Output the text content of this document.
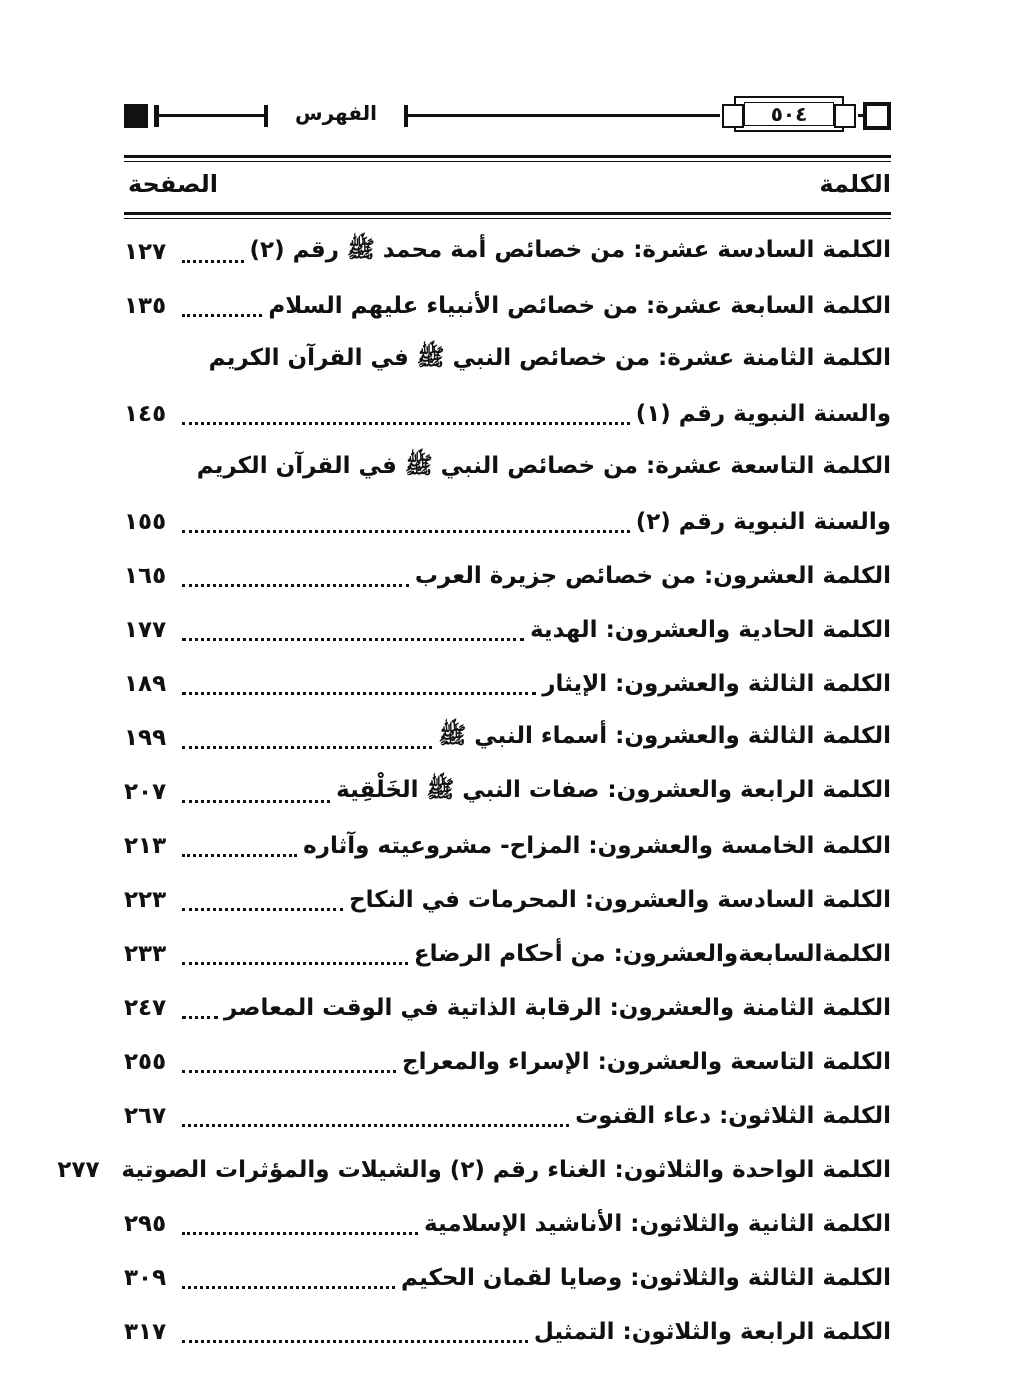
الفهرس	٥٠٤
الكلمة
الصفحة
الكلمة السادسة عشرة: من خصائص أمة محمد ﷺ رقم (٢)
١٢٧
الكلمة السابعة عشرة: من خصائص الأنبياء عليهم السلام
١٣٥
الكلمة الثامنة عشرة: من خصائص النبي ﷺ في القرآن الكريم
والسنة النبوية رقم (١)
١٤٥
الكلمة التاسعة عشرة: من خصائص النبي ﷺ في القرآن الكريم
والسنة النبوية رقم (٢)
١٥٥
الكلمة العشرون: من خصائص جزيرة العرب
١٦٥
الكلمة الحادية والعشرون: الهدية
١٧٧
الكلمة الثالثة والعشرون: الإيثار
١٨٩
الكلمة الثالثة والعشرون: أسماء النبي ﷺ
١٩٩
الكلمة الرابعة والعشرون: صفات النبي ﷺ الخَلْقِية
٢٠٧
الكلمة الخامسة والعشرون: المزاح- مشروعيته وآثاره
٢١٣
الكلمة السادسة والعشرون: المحرمات في النكاح
٢٢٣
الكلمةالسابعةوالعشرون: من أحكام الرضاع
٢٣٣
الكلمة الثامنة والعشرون: الرقابة الذاتية في الوقت المعاصر
٢٤٧
الكلمة التاسعة والعشرون: الإسراء والمعراج
٢٥٥
الكلمة الثلاثون: دعاء القنوت
٢٦٧
الكلمة الواحدة والثلاثون: الغناء رقم (٢) والشيلات والمؤثرات الصوتية
٢٧٧
الكلمة الثانية والثلاثون: الأناشيد الإسلامية
٢٩٥
الكلمة الثالثة والثلاثون: وصايا لقمان الحكيم
٣٠٩
الكلمة الرابعة والثلاثون: التمثيل
٣١٧
